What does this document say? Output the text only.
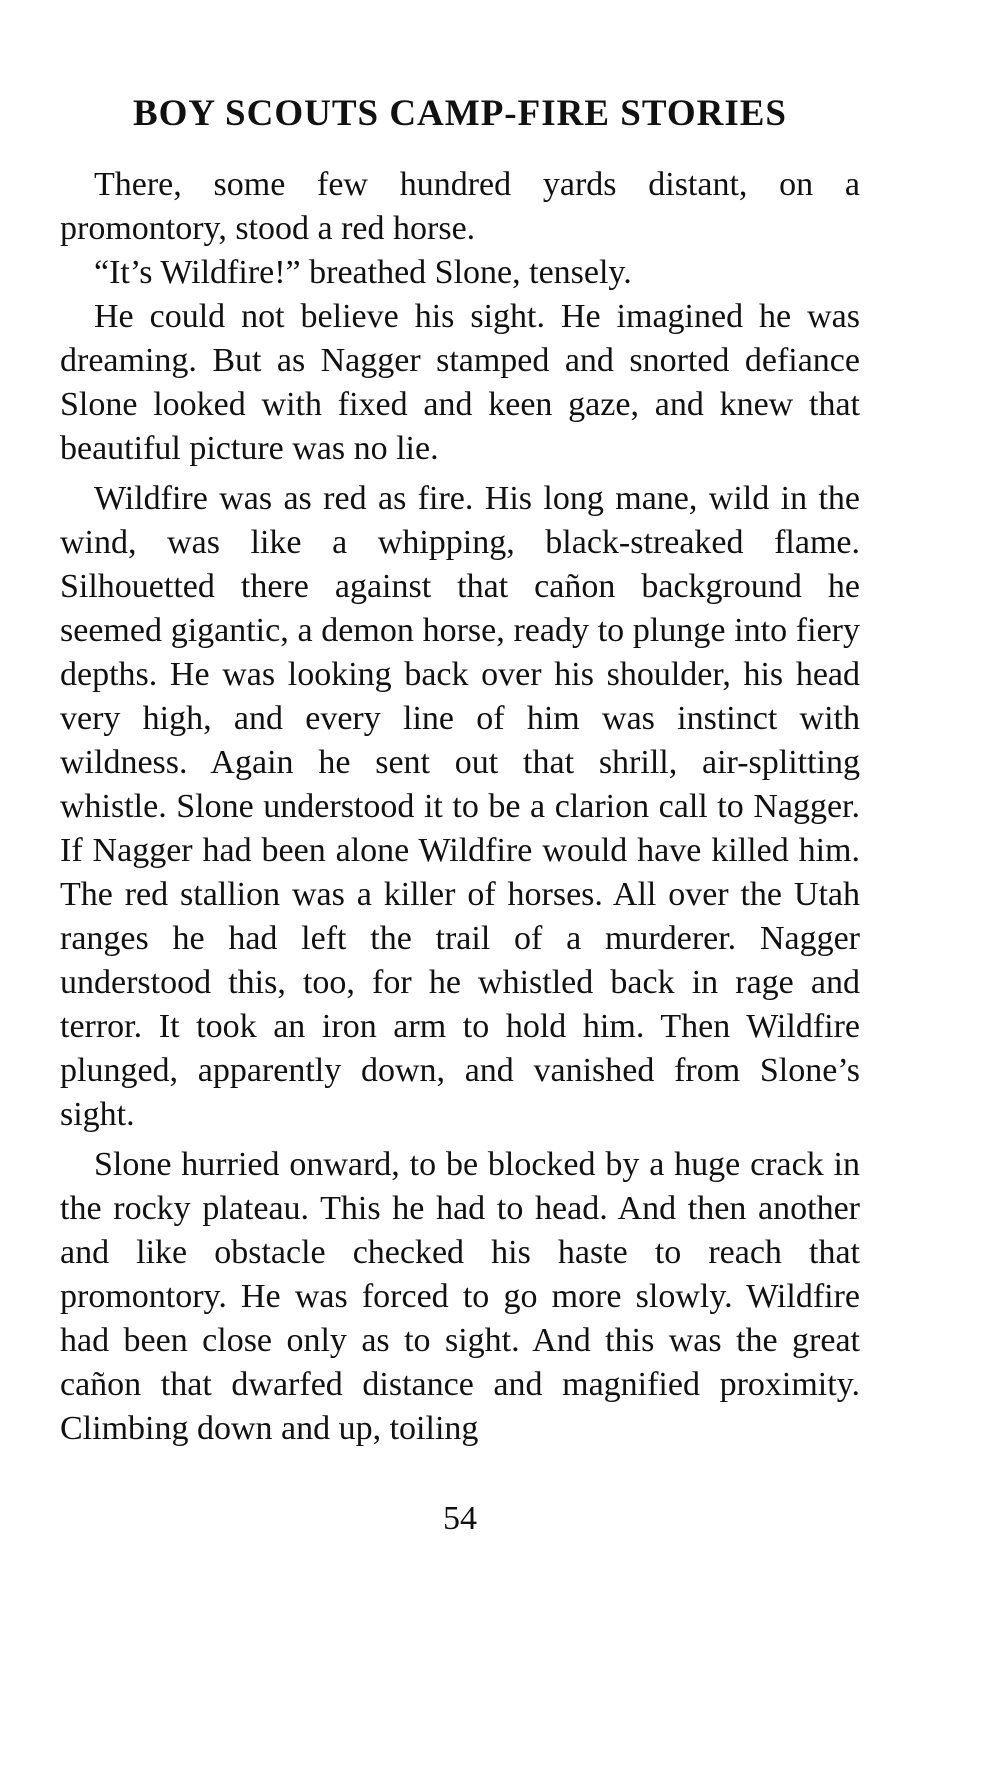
BOY SCOUTS CAMP-FIRE STORIES

There, some few hundred yards distant, on a promontory, stood a red horse.

“It’s Wildfire!” breathed Slone, tensely.

He could not believe his sight. He imagined he was dreaming. But as Nagger stamped and snorted defiance Slone looked with fixed and keen gaze, and knew that beautiful picture was no lie.

Wildfire was as red as fire. His long mane, wild in the wind, was like a whipping, black-streaked flame. Silhouetted there against that cañon background he seemed gigantic, a demon horse, ready to plunge into fiery depths. He was looking back over his shoulder, his head very high, and every line of him was instinct with wildness. Again he sent out that shrill, air-splitting whistle. Slone understood it to be a clarion call to Nagger. If Nagger had been alone Wildfire would have killed him. The red stallion was a killer of horses. All over the Utah ranges he had left the trail of a murderer. Nagger understood this, too, for he whistled back in rage and terror. It took an iron arm to hold him. Then Wildfire plunged, apparently down, and vanished from Slone’s sight.

Slone hurried onward, to be blocked by a huge crack in the rocky plateau. This he had to head. And then another and like obstacle checked his haste to reach that promontory. He was forced to go more slowly. Wildfire had been close only as to sight. And this was the great cañon that dwarfed distance and magnified proximity. Climbing down and up, toiling

54
